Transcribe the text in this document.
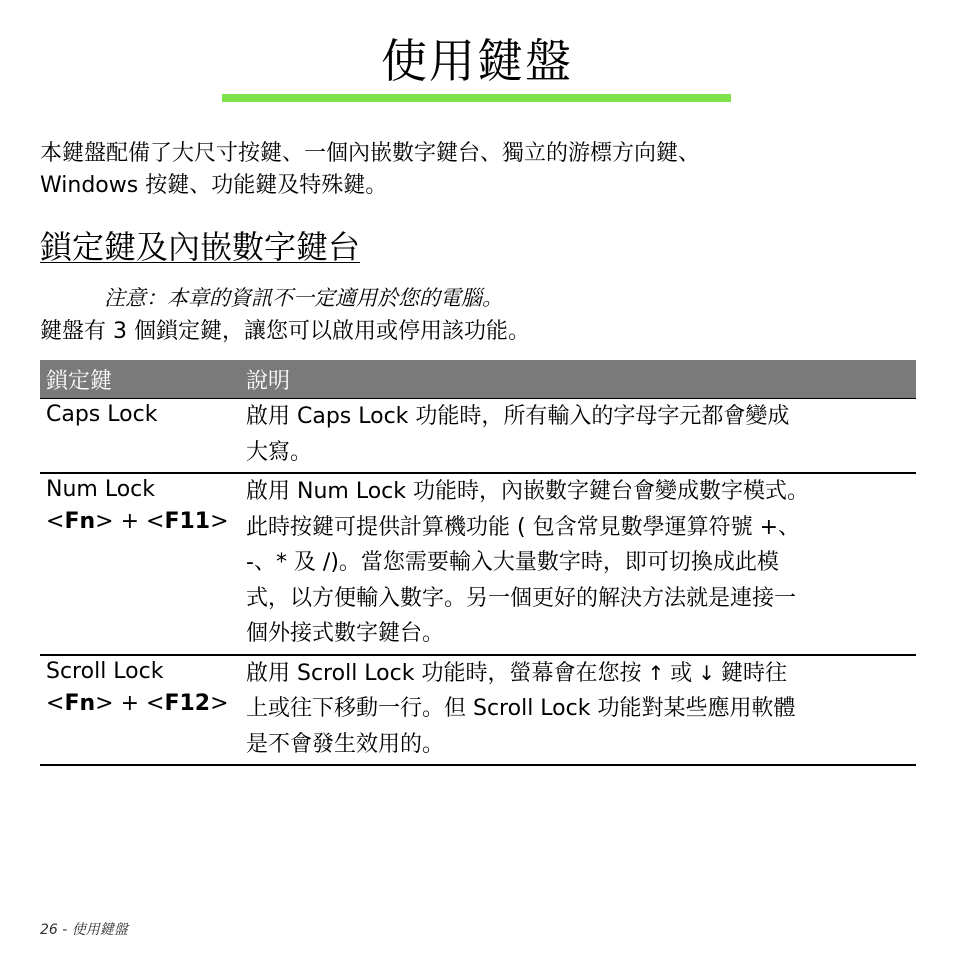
使用鍵盤

本鍵盤配備了大尺寸按鍵、一個內嵌數字鍵台、獨立的游標方向鍵、
Windows 按鍵、功能鍵及特殊鍵。

鎖定鍵及內嵌數字鍵台

注意：本章的資訊不一定適用於您的電腦。

鍵盤有 3 個鎖定鍵，讓您可以啟用或停用該功能。

鎖定鍵	說明
Caps Lock	啟用 Caps Lock 功能時，所有輸入的字母字元都會變成
大寫。
Num Lock
<Fn> + <F11>	啟用 Num Lock 功能時，內嵌數字鍵台會變成數字模式。
此時按鍵可提供計算機功能 ( 包含常見數學運算符號 +、
-、* 及 /)。當您需要輸入大量數字時，即可切換成此模
式，以方便輸入數字。另一個更好的解決方法就是連接一
個外接式數字鍵台。
Scroll Lock
<Fn> + <F12>	啟用 Scroll Lock 功能時，螢幕會在您按 ↑ 或 ↓ 鍵時往
上或往下移動一行。但 Scroll Lock 功能對某些應用軟體
是不會發生效用的。
26 - 使用鍵盤
